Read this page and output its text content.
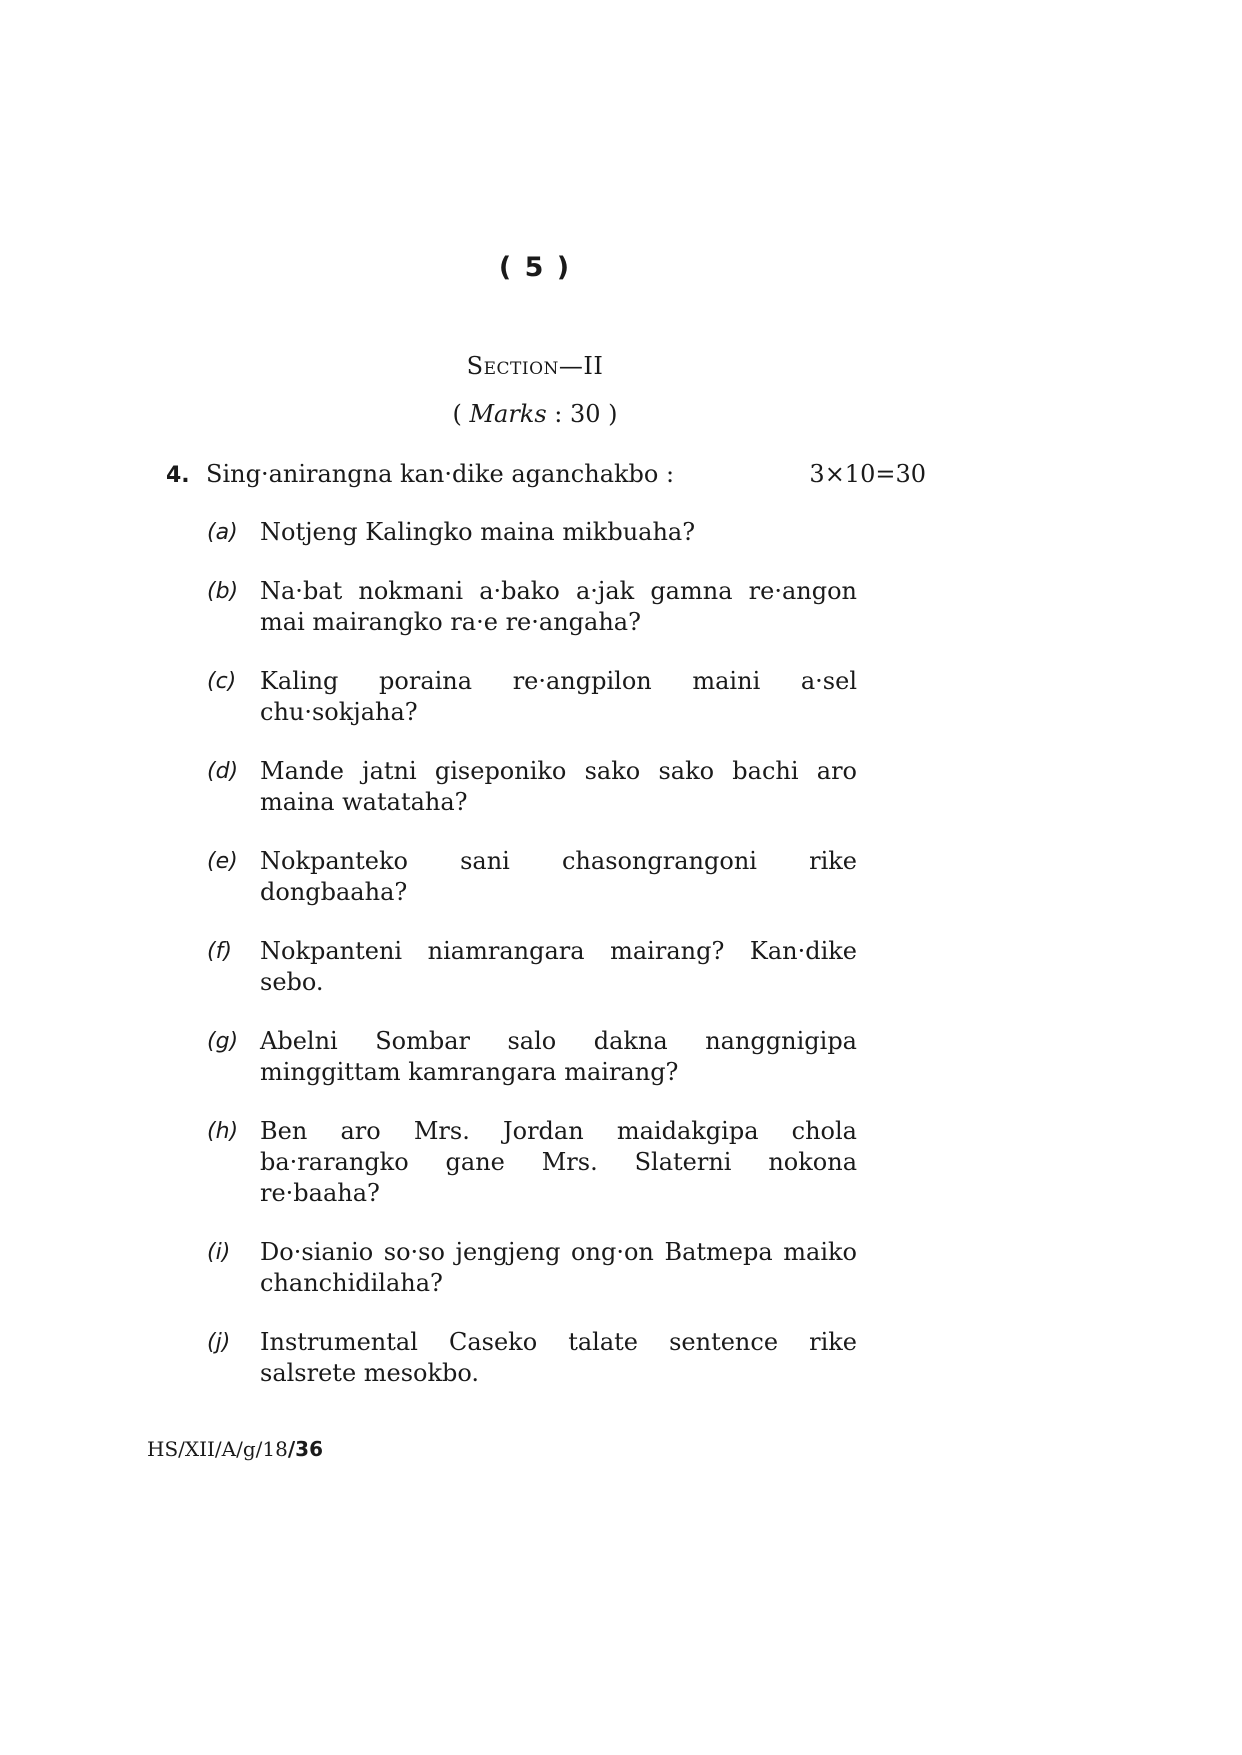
( 5 )
Section—II
( Marks : 30 )
4. Sing·anirangna kan·dike aganchakbo :	3×10=30
(a) Notjeng Kalingko maina mikbuaha?
(b) Na·bat nokmani a·bako a·jak gamna re·angon mai mairangko ra·e re·angaha?
(c) Kaling poraina re·angpilon maini a·sel chu·sokjaha?
(d) Mande jatni giseponiko sako sako bachi aro maina watataha?
(e) Nokpanteko sani chasongrangoni rike dongbaaha?
(f) Nokpanteni niamrangara mairang? Kan·dike sebo.
(g) Abelni Sombar salo dakna nanggnigipa minggittam kamrangara mairang?
(h) Ben aro Mrs. Jordan maidakgipa chola ba·rarangko gane Mrs. Slaterni nokona re·baaha?
(i) Do·sianio so·so jengjeng ong·on Batmepa maiko chanchidilaha?
(j) Instrumental Caseko talate sentence rike salsrete mesokbo.
HS/XII/A/g/18/36
